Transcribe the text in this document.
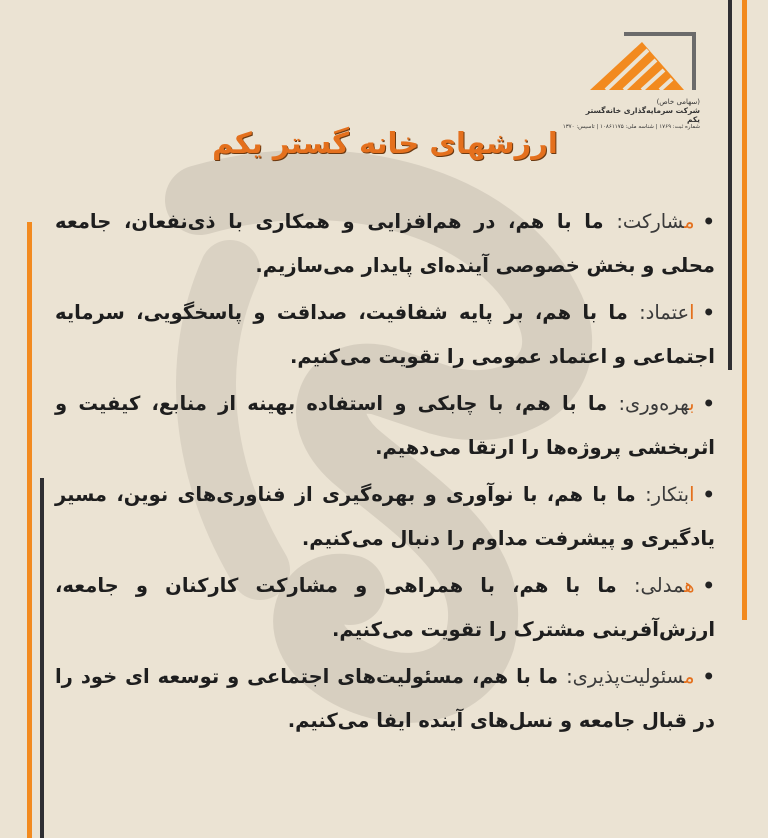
(سهامی خاص)
شرکت سرمایه‌گذاری خانه‌گستر یکم
شماره ثبت: ۱۷۶۹ | شناسه ملی: ۱۰۸۶۱۱۷۵ | تاسیس: ۱۳۷۰
ارزشهای خانه گستر یکم
•مشارکت: ما با هم، در هم‌افزایی و همکاری با ذی‌نفعان، جامعه محلی و بخش خصوصی آینده‌ای پایدار می‌سازیم.
•اعتماد: ما با هم، بر پایه شفافیت، صداقت و پاسخگویی، سرمایه اجتماعی و اعتماد عمومی را تقویت می‌کنیم.
•بهره‌وری: ما با هم، با چابکی و استفاده بهینه از منابع، کیفیت و اثربخشی پروژه‌ها را ارتقا می‌دهیم.
•ابتکار: ما با هم، با نوآوری و بهره‌گیری از فناوری‌های نوین، مسیر یادگیری و پیشرفت مداوم را دنبال می‌کنیم.
•همدلی: ما با هم، با همراهی و مشارکت کارکنان و جامعه، ارزش‌آفرینی مشترک را تقویت می‌کنیم.
•مسئولیت‌پذیری: ما با هم، مسئولیت‌های اجتماعی و توسعه ای خود را در قبال جامعه و نسل‌های آینده ایفا می‌کنیم.
